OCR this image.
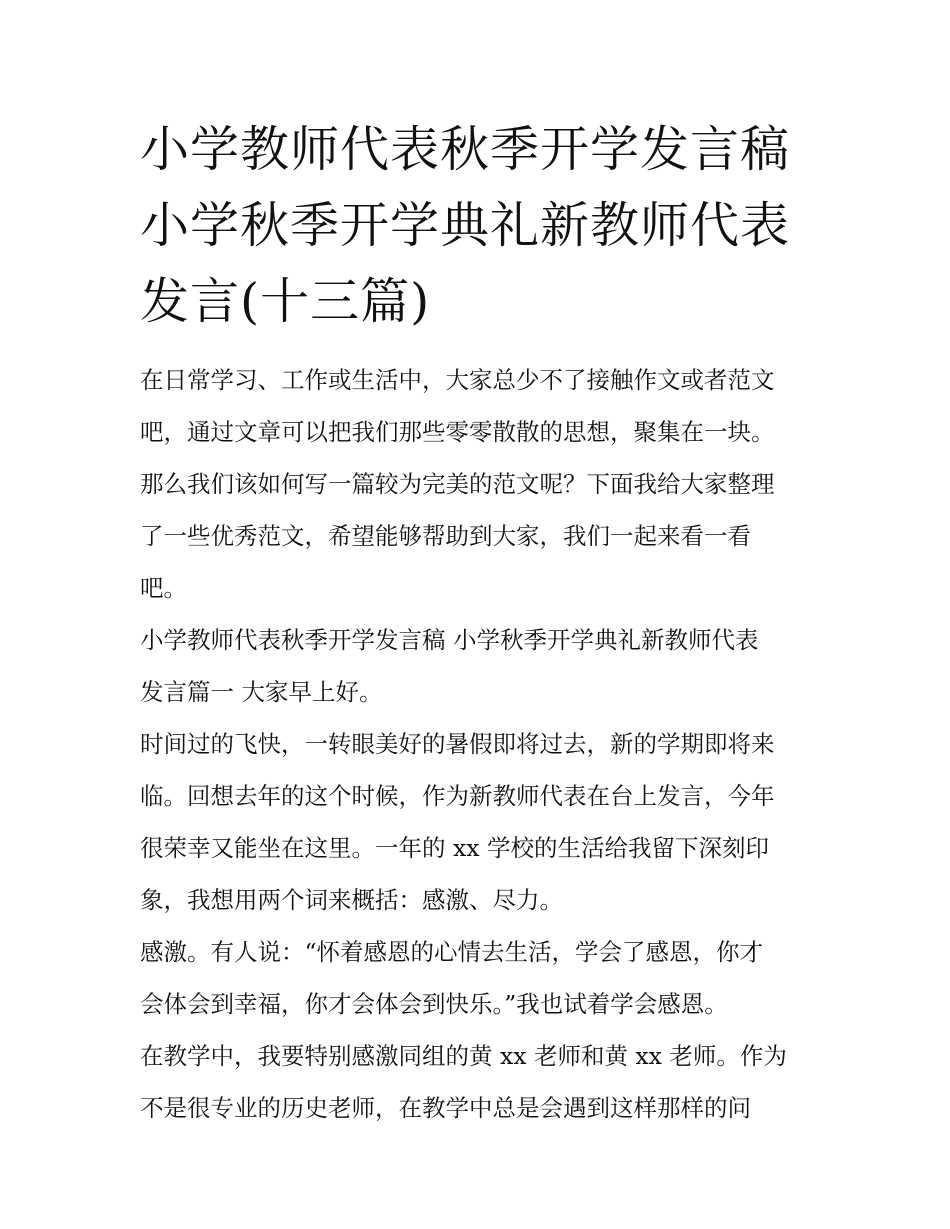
小学教师代表秋季开学发言稿
小学秋季开学典礼新教师代表
发言(十三篇)

在日常学习、工作或生活中，大家总少不了接触作文或者范文
吧，通过文章可以把我们那些零零散散的思想，聚集在一块。
那么我们该如何写一篇较为完美的范文呢？下面我给大家整理
了一些优秀范文，希望能够帮助到大家，我们一起来看一看
吧。

小学教师代表秋季开学发言稿 小学秋季开学典礼新教师代表
发言篇一 大家早上好。

时间过的飞快，一转眼美好的暑假即将过去，新的学期即将来
临。回想去年的这个时候，作为新教师代表在台上发言，今年
很荣幸又能坐在这里。一年的 xx 学校的生活给我留下深刻印
象，我想用两个词来概括：感激、尽力。

感激。有人说：“怀着感恩的心情去生活，学会了感恩，你才
会体会到幸福，你才会体会到快乐。”我也试着学会感恩。

在教学中，我要特别感激同组的黄 xx 老师和黄 xx 老师。作为
不是很专业的历史老师，在教学中总是会遇到这样那样的问
